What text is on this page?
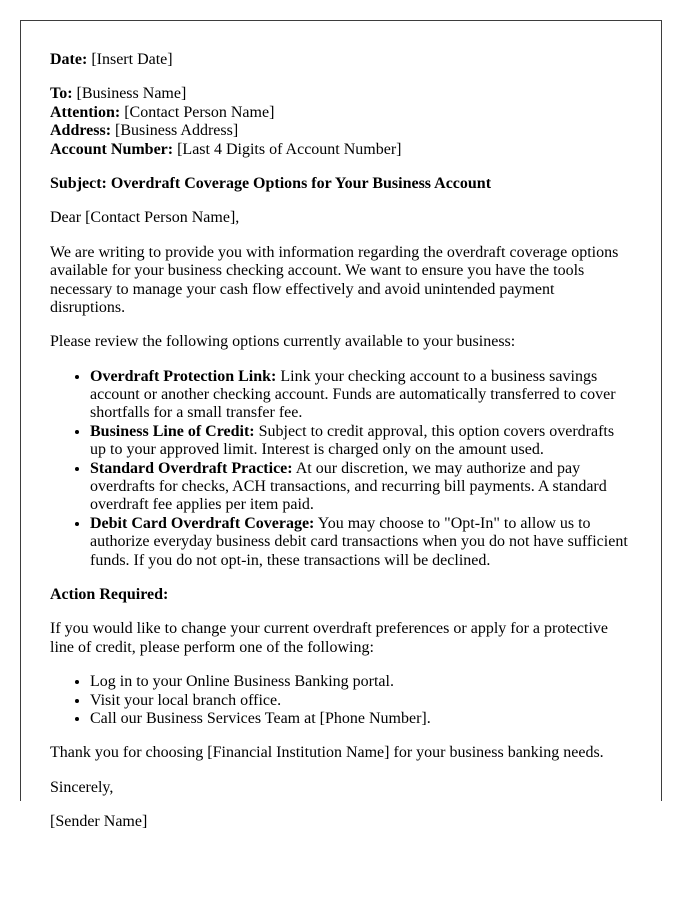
Date: [Insert Date]

To: [Business Name]
Attention: [Contact Person Name]
Address: [Business Address]
Account Number: [Last 4 Digits of Account Number]

Subject: Overdraft Coverage Options for Your Business Account

Dear [Contact Person Name],

We are writing to provide you with information regarding the overdraft coverage options available for your business checking account. We want to ensure you have the tools necessary to manage your cash flow effectively and avoid unintended payment disruptions.

Please review the following options currently available to your business:

• Overdraft Protection Link: Link your checking account to a business savings account or another checking account. Funds are automatically transferred to cover shortfalls for a small transfer fee.
• Business Line of Credit: Subject to credit approval, this option covers overdrafts up to your approved limit. Interest is charged only on the amount used.
• Standard Overdraft Practice: At our discretion, we may authorize and pay overdrafts for checks, ACH transactions, and recurring bill payments. A standard overdraft fee applies per item paid.
• Debit Card Overdraft Coverage: You may choose to "Opt-In" to allow us to authorize everyday business debit card transactions when you do not have sufficient funds. If you do not opt-in, these transactions will be declined.

Action Required:

If you would like to change your current overdraft preferences or apply for a protective line of credit, please perform one of the following:

• Log in to your Online Business Banking portal.
• Visit your local branch office.
• Call our Business Services Team at [Phone Number].

Thank you for choosing [Financial Institution Name] for your business banking needs.

Sincerely,

[Sender Name]
